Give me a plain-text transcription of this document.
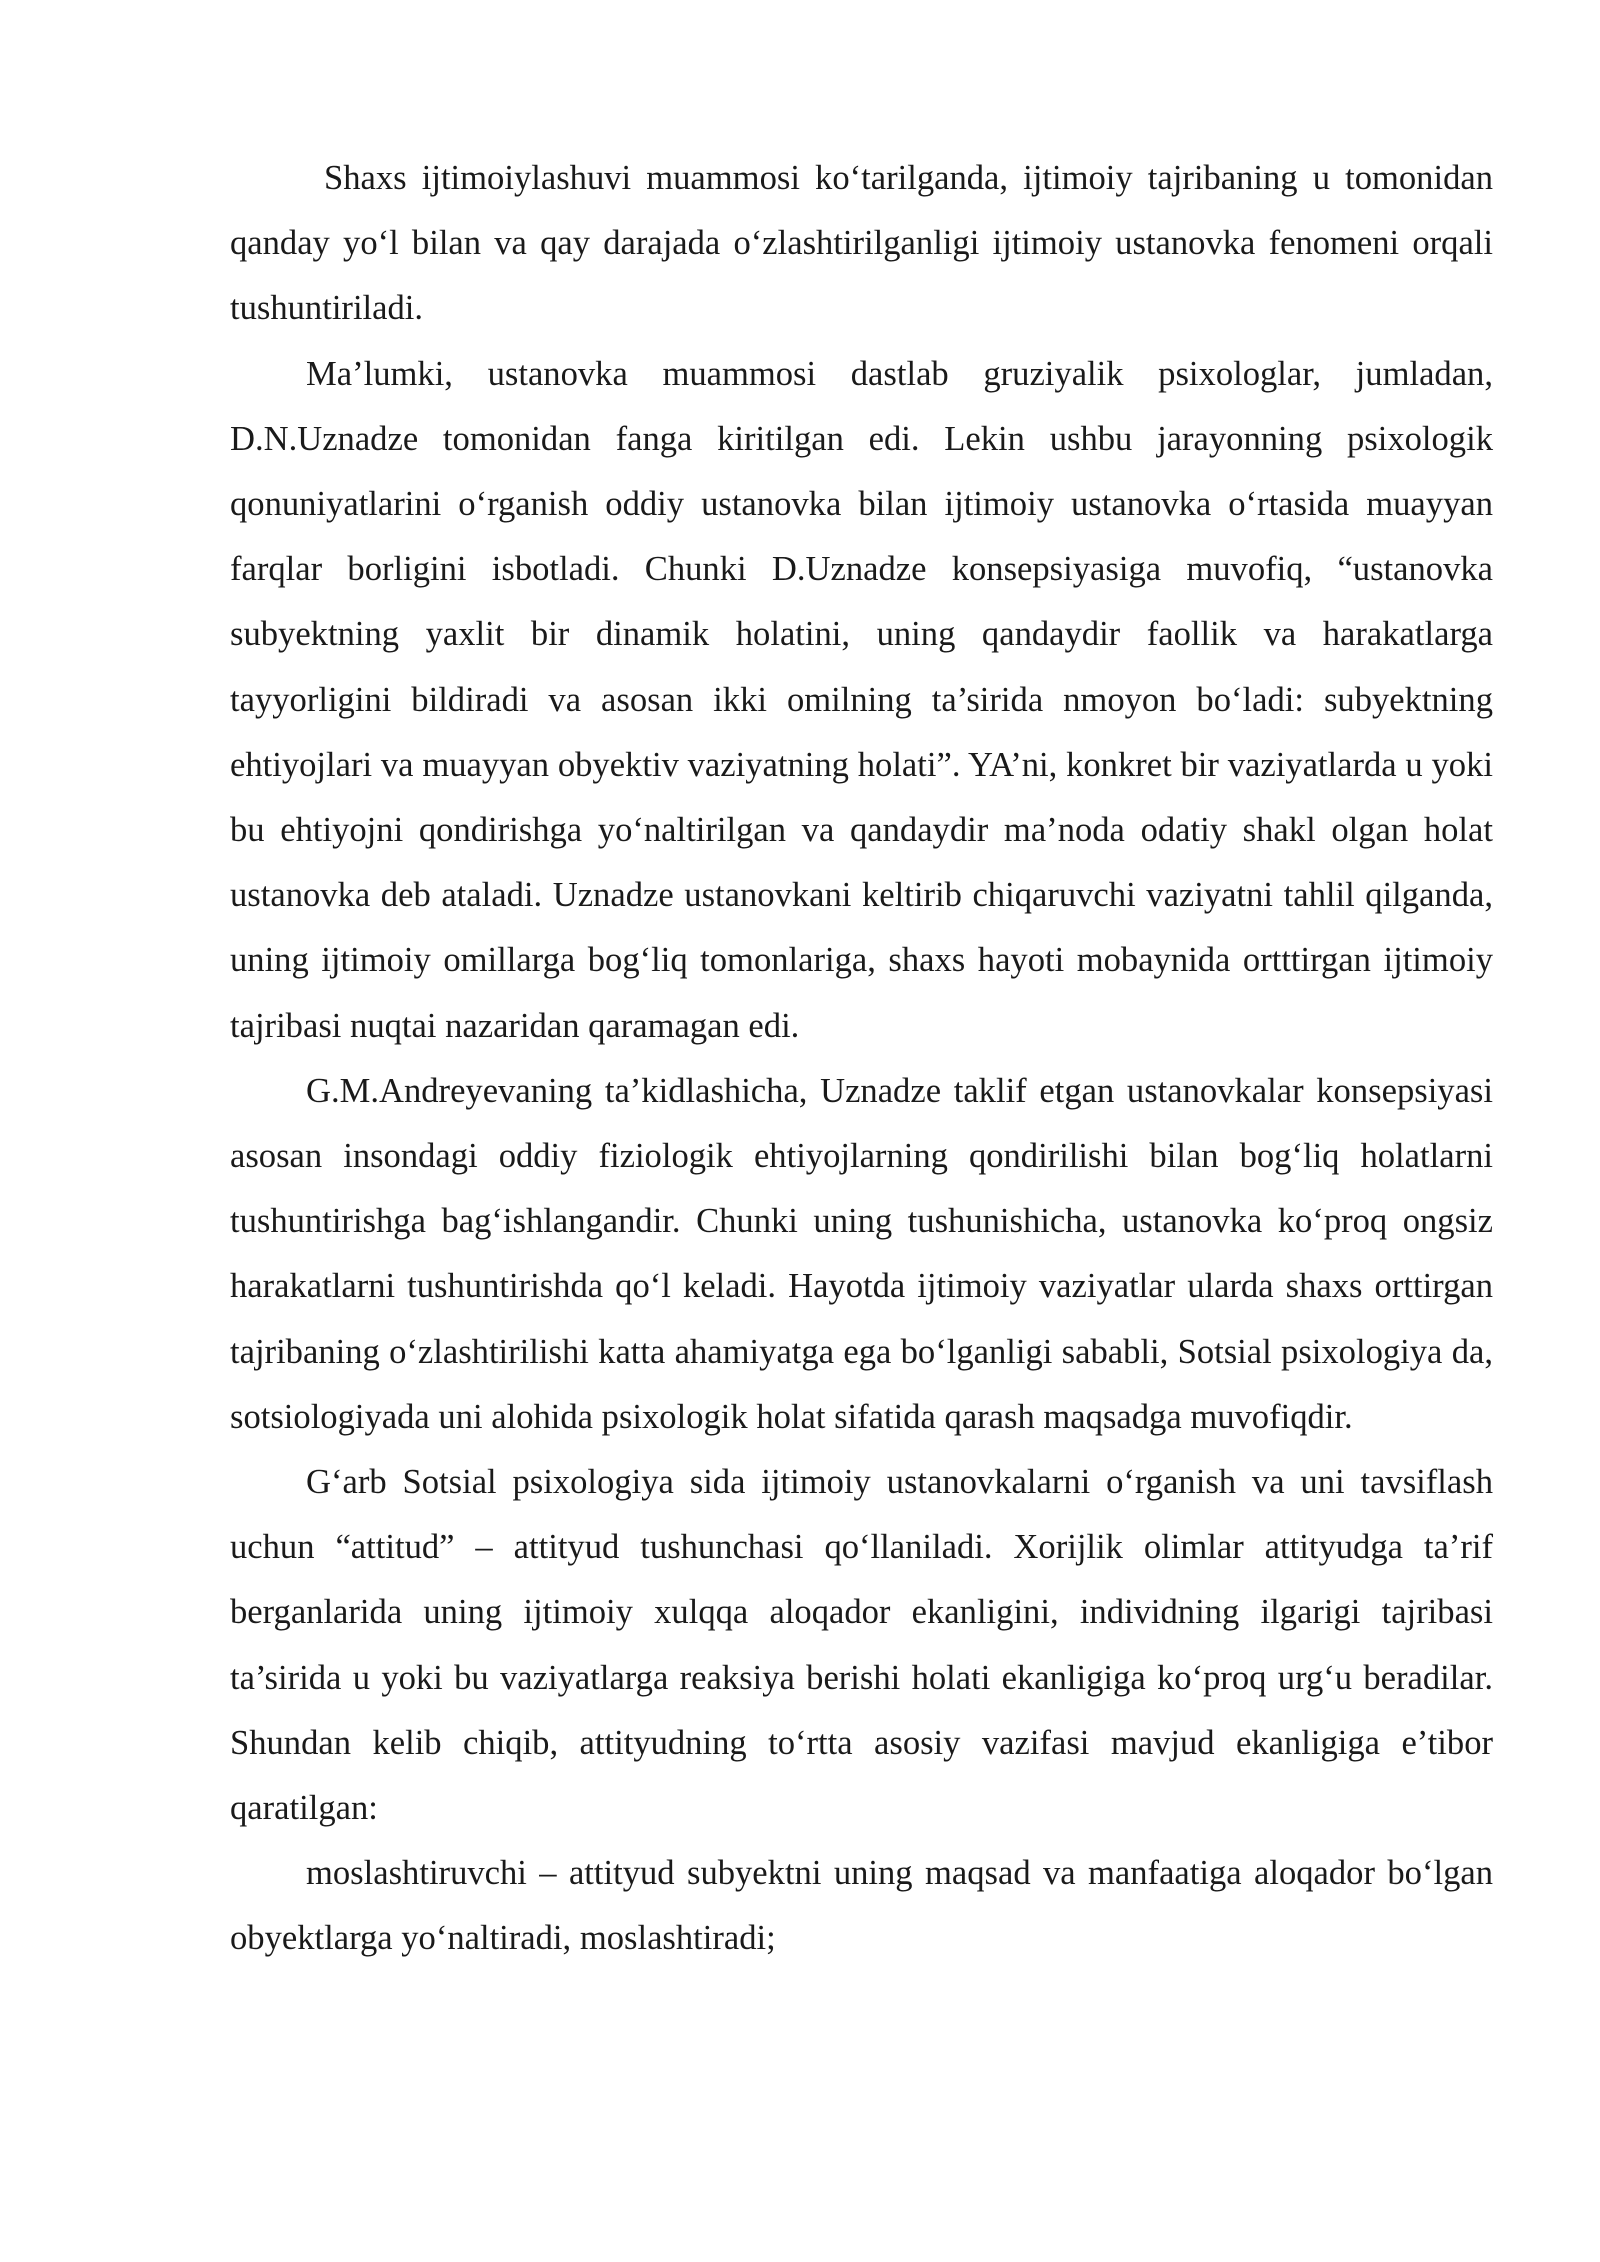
Shaxs ijtimoiylashuvi muammosi ko‘tarilganda, ijtimoiy tajribaning u tomonidan qanday yo‘l bilan va qay darajada o‘zlashtirilganligi ijtimoiy ustanovka fenomeni orqali tushuntiriladi.

Ma’lumki, ustanovka muammosi dastlab gruziyalik psixologlar, jumladan, D.N.Uznadze tomonidan fanga kiritilgan edi. Lekin ushbu jarayonning psixologik qonuniyatlarini o‘rganish oddiy ustanovka bilan ijtimoiy ustanovka o‘rtasida muayyan farqlar borligini isbotladi. Chunki D.Uznadze konsepsiyasiga muvofiq, “ustanovka subyektning yaxlit bir dinamik holatini, uning qandaydir faollik va harakatlarga tayyorligini bildiradi va asosan ikki omilning ta’sirida nmoyon bo‘ladi: subyektning ehtiyojlari va muayyan obyektiv vaziyatning holati”. YA’ni, konkret bir vaziyatlarda u yoki bu ehtiyojni qondirishga yo‘naltirilgan va qandaydir ma’noda odatiy shakl olgan holat ustanovka deb ataladi. Uznadze ustanovkani keltirib chiqaruvchi vaziyatni tahlil qilganda, uning ijtimoiy omillarga bog‘liq tomonlariga, shaxs hayoti mobaynida ortttirgan ijtimoiy tajribasi nuqtai nazaridan qaramagan edi.

G.M.Andreyevaning ta’kidlashicha, Uznadze taklif etgan ustanovkalar konsepsiyasi asosan insondagi oddiy fiziologik ehtiyojlarning qondirilishi bilan bog‘liq holatlarni tushuntirishga bag‘ishlangandir. Chunki uning tushunishicha, ustanovka ko‘proq ongsiz harakatlarni tushuntirishda qo‘l keladi. Hayotda ijtimoiy vaziyatlar ularda shaxs orttirgan tajribaning o‘zlashtirilishi katta ahamiyatga ega bo‘lganligi sababli, Sotsial psixologiya da, sotsiologiyada uni alohida psixologik holat sifatida qarash maqsadga muvofiqdir.

G‘arb Sotsial psixologiya sida ijtimoiy ustanovkalarni o‘rganish va uni tavsiflash uchun “attitud” – attityud tushunchasi qo‘llaniladi. Xorijlik olimlar attityudga ta’rif berganlarida uning ijtimoiy xulqqa aloqador ekanligini, individning ilgarigi tajribasi ta’sirida u yoki bu vaziyatlarga reaksiya berishi holati ekanligiga ko‘proq urg‘u beradilar. Shundan kelib chiqib, attityudning to‘rtta asosiy vazifasi mavjud ekanligiga e’tibor qaratilgan:

moslashtiruvchi – attityud subyektni uning maqsad va manfaatiga aloqador bo‘lgan obyektlarga yo‘naltiradi, moslashtiradi;
